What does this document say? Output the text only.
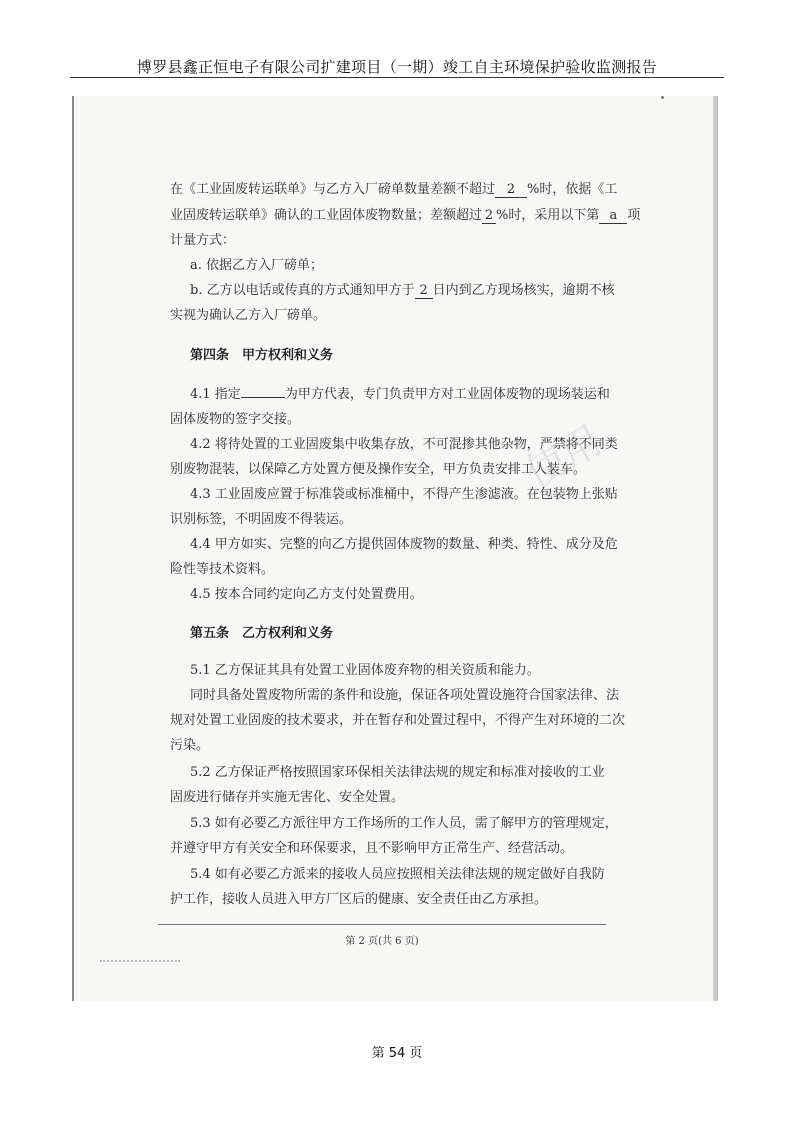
博罗县鑫正恒电子有限公司扩建项目（一期）竣工自主环境保护验收监测报告
使用
在《工业固废转运联单》与乙方入厂磅单数量差额不超过 2 %时，依据《工
业固废转运联单》确认的工业固体废物数量；差额超过 2 %时，采用以下第 a 项
计量方式：
a. 依据乙方入厂磅单；
b. 乙方以电话或传真的方式通知甲方于 2 日内到乙方现场核实，逾期不核
实视为确认乙方入厂磅单。
第四条　甲方权利和义务
4.1 指定	为甲方代表，专门负责甲方对工业固体废物的现场装运和
固体废物的签字交接。
4.2 将待处置的工业固废集中收集存放，不可混掺其他杂物，严禁将不同类
别废物混装，以保障乙方处置方便及操作安全，甲方负责安排工人装车。
4.3 工业固废应置于标准袋或标准桶中，不得产生渗滤液。在包装物上张贴
识别标签，不明固废不得装运。
4.4 甲方如实、完整的向乙方提供固体废物的数量、种类、特性、成分及危
险性等技术资料。
4.5 按本合同约定向乙方支付处置费用。
第五条　乙方权利和义务
5.1 乙方保证其具有处置工业固体废弃物的相关资质和能力。
同时具备处置废物所需的条件和设施，保证各项处置设施符合国家法律、法
规对处置工业固废的技术要求，并在暂存和处置过程中，不得产生对环境的二次
污染。
5.2 乙方保证严格按照国家环保相关法律法规的规定和标准对接收的工业
固废进行储存并实施无害化、安全处置。
5.3 如有必要乙方派往甲方工作场所的工作人员，需了解甲方的管理规定，
并遵守甲方有关安全和环保要求，且不影响甲方正常生产、经营活动。
5.4 如有必要乙方派来的接收人员应按照相关法律法规的规定做好自我防
护工作，接收人员进入甲方厂区后的健康、安全责任由乙方承担。
第 2 页(共 6 页)
第 54 页
